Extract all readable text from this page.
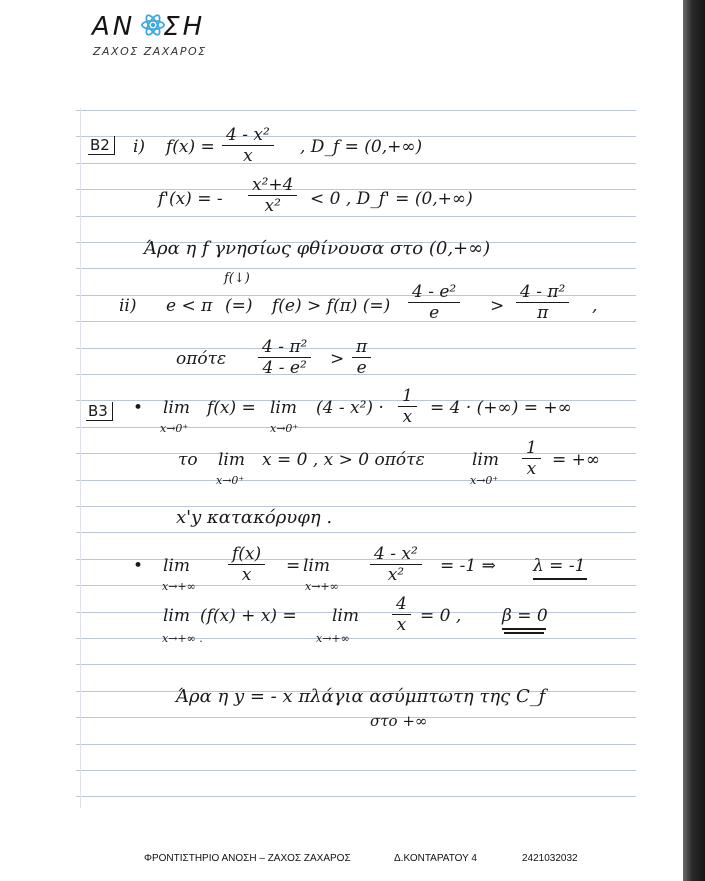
ΑΝ ΣΗ
ΖΑΧΟΣ ΖΑΧΑΡΟΣ
B2 i) $f(x) = \frac{\text{4 - x²}}{x}$ , D_f = (0,+∞)
f'(x) = - $\frac{\text{x²+4}}{\text{x²}} < 0$ , D_f' = (0,+∞)
Άρα η f γνησίως φθίνουσα στο (0,+∞)
ii) e < π
f(↓)
(=) f(e) > f(π) (=) $\frac{\text{4 - e²}}{e} > \frac{\text{4 - π²}}{\pi}$ ,
οπότε $\frac{\text{4 - π²}}{\text{4 - e²}} > \frac{\pi}{e}$
B3 • lim
x→0⁺
f(x) = lim
x→0⁺
$(4 - x^2) \cdot \frac{1}{x} = 4$ · (+∞) = +∞
το lim
x→0⁺
x = 0 , x > 0 οπότε	lim
x→0⁺
$\frac{1}{x}$ = +∞
x'y κατακόρυφη .
• lim
x→+∞
$\frac{f(x)}{x} = \lim$
x→+∞
$\frac{\text{4 - x²}}{\text{x²}} = -1$ ⇒ λ = -1
lim
x→+∞ .
(f(x) + x) = lim
x→+∞
$\frac{4}{x} = 0$ , β = 0
Άρα η y = - x πλάγια ασύμπτωτη της C_f
στο +∞
ΦΡΟΝΤΙΣΤΗΡΙΟ ΑΝΟΣΗ – ΖΑΧΟΣ ΖΑΧΑΡΟΣ	Δ.ΚΟΝΤΑΡΑΤΟΥ 4	2421032032
